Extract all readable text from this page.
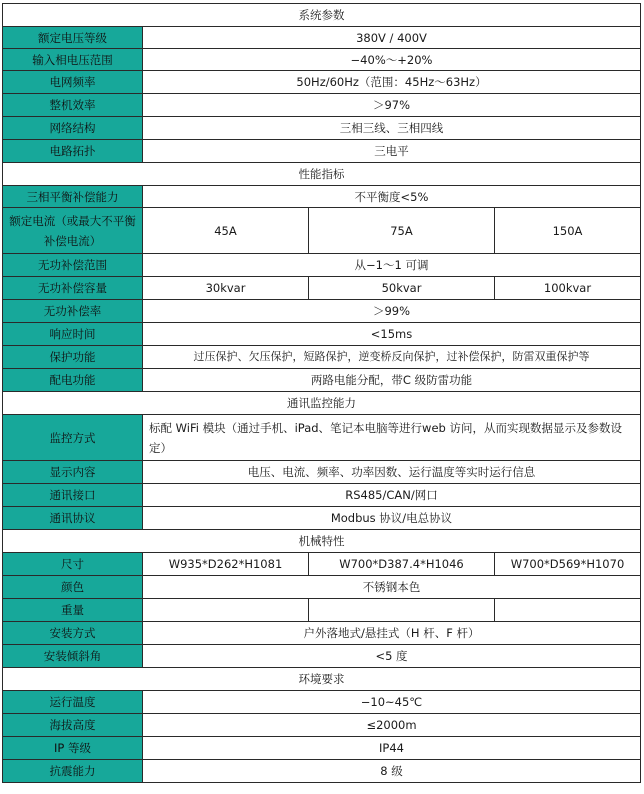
系统参数			
额定电压等级	380V / 400V		
输入相电压范围	−40%～+20%		
电网频率	50Hz/60Hz（范围：45Hz～63Hz）		
整机效率	＞97%		
网络结构	三相三线、三相四线		
电路拓扑	三电平		
性能指标			
三相平衡补偿能力	不平衡度<5%		
额定电流（或最大不平衡补偿电流）	45A	75A	150A
无功补偿范围	从−1～1 可调		
无功补偿容量	30kvar	50kvar	100kvar
无功补偿率	＞99%		
响应时间	<15ms		
保护功能	过压保护、欠压保护，短路保护，逆变桥反向保护，过补偿保护，防雷双重保护等		
配电功能	两路电能分配，带C 级防雷功能		
通讯监控能力			
监控方式	标配 WiFi 模块（通过手机、iPad、笔记本电脑等进行web 访问，从而实现数据显示及参数设定）		
显示内容	电压、电流、频率、功率因数、运行温度等实时运行信息		
通讯接口	RS485/CAN/网口		
通讯协议	Modbus 协议/电总协议		
机械特性			
尺寸	W935*D262*H1081	W700*D387.4*H1046	W700*D569*H1070
颜色	不锈钢本色		
重量			
安装方式	户外落地式/悬挂式（H 杆、F 杆）		
安装倾斜角	<5 度		
环境要求			
运行温度	−10~45℃		
海拔高度	≤2000m		
IP 等级	IP44		
抗震能力	8 级		
